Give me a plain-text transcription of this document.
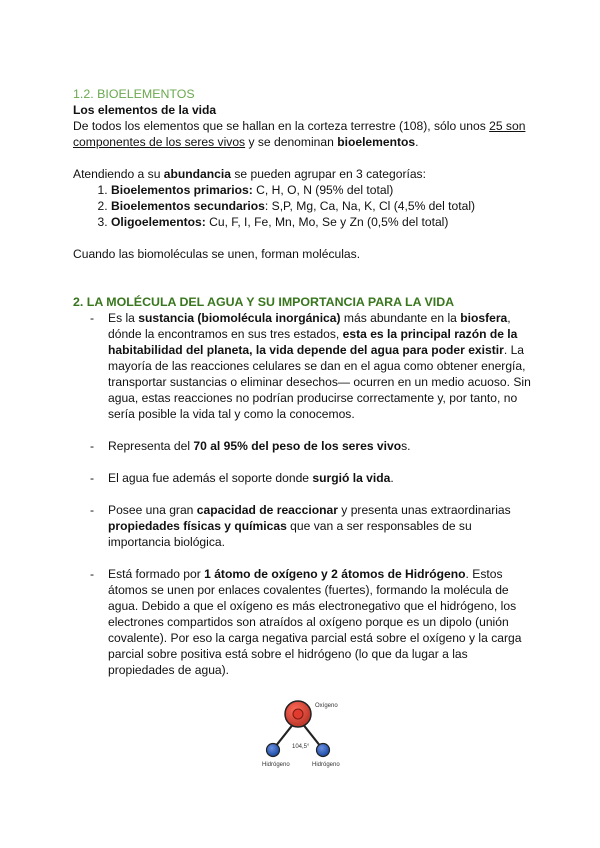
1.2. BIOELEMENTOS

Los elementos de la vida

De todos los elementos que se hallan en la corteza terrestre (108), sólo unos 25 son componentes de los seres vivos y se denominan bioelementos.

Atendiendo a su abundancia se pueden agrupar en 3 categorías:

1. Bioelementos primarios: C, H, O, N (95% del total)
2. Bioelementos secundarios: S,P, Mg, Ca, Na, K, Cl (4,5% del total)
3. Oligoelementos: Cu, F, I, Fe, Mn, Mo, Se y Zn (0,5% del total)

Cuando las biomoléculas se unen, forman moléculas.

2. LA MOLÉCULA DEL AGUA Y SU IMPORTANCIA PARA LA VIDA

- Es la sustancia (biomolécula inorgánica) más abundante en la biosfera, dónde la encontramos en sus tres estados, esta es la principal razón de la habitabilidad del planeta, la vida depende del agua para poder existir. La mayoría de las reacciones celulares se dan en el agua como obtener energía, transportar sustancias o eliminar desechos— ocurren en un medio acuoso. Sin agua, estas reacciones no podrían producirse correctamente y, por tanto, no sería posible la vida tal y como la conocemos.
- Representa del 70 al 95% del peso de los seres vivos.
- El agua fue además el soporte donde surgió la vida.
- Posee una gran capacidad de reaccionar y presenta unas extraordinarias propiedades físicas y químicas que van a ser responsables de su importancia biológica.
- Está formado por 1 átomo de oxígeno y 2 átomos de Hidrógeno. Estos átomos se unen por enlaces covalentes (fuertes), formando la molécula de agua. Debido a que el oxígeno es más electronegativo que el hidrógeno, los electrones compartidos son atraídos al oxígeno porque es un dipolo (unión covalente). Por eso la carga negativa parcial está sobre el oxígeno y la carga parcial sobre positiva está sobre el hidrógeno (lo que da lugar a las propiedades de agua).
Oxígeno
104,5°
Hidrógeno	Hidrógeno
